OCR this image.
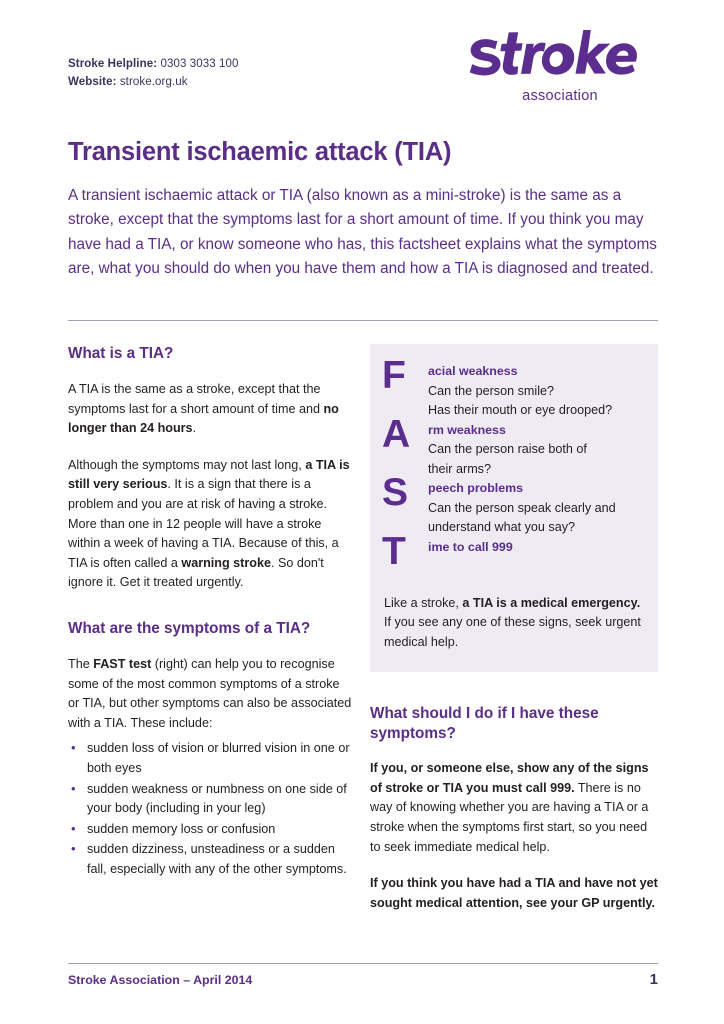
Stroke Helpline: 0303 3033 100
Website: stroke.org.uk
association
Transient ischaemic attack (TIA)

A transient ischaemic attack or TIA (also known as a mini-stroke) is the same as a stroke, except that the symptoms last for a short amount of time. If you think you may have had a TIA, or know someone who has, this factsheet explains what the symptoms are, what you should do when you have them and how a TIA is diagnosed and treated.

What is a TIA?

A TIA is the same as a stroke, except that the symptoms last for a short amount of time and no longer than 24 hours.

Although the symptoms may not last long, a TIA is still very serious. It is a sign that there is a problem and you are at risk of having a stroke. More than one in 12 people will have a stroke within a week of having a TIA. Because of this, a TIA is often called a warning stroke. So don't ignore it. Get it treated urgently.

What are the symptoms of a TIA?

The FAST test (right) can help you to recognise some of the most common symptoms of a stroke or TIA, but other symptoms can also be associated with a TIA. These include:

• sudden loss of vision or blurred vision in one or both eyes
• sudden weakness or numbness on one side of your body (including in your leg)
• sudden memory loss or confusion
• sudden dizziness, unsteadiness or a sudden fall, especially with any of the other symptoms.
F	acial weakness
Can the person smile?
Has their mouth or eye drooped?
A	rm weakness
Can the person raise both of
their arms?
S	peech problems
Can the person speak clearly and
understand what you say?
T	ime to call 999

Like a stroke, a TIA is a medical emergency. If you see any one of these signs, seek urgent medical help.

What should I do if I have these symptoms?

If you, or someone else, show any of the signs of stroke or TIA you must call 999. There is no way of knowing whether you are having a TIA or a stroke when the symptoms first start, so you need to seek immediate medical help.

If you think you have had a TIA and have not yet sought medical attention, see your GP urgently.

Stroke Association – April 2014	1
